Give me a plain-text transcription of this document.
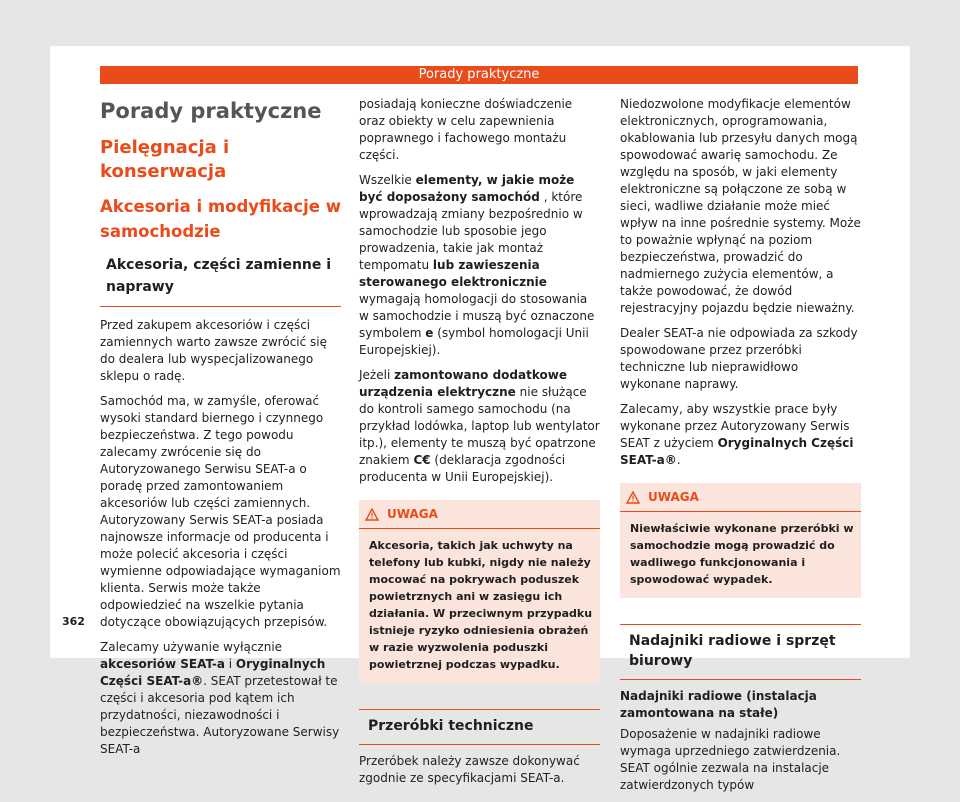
Porady praktyczne
Porady praktyczne
Pielęgnacja i konserwacja
Akcesoria i modyfikacje w samochodzie
Akcesoria, części zamienne i naprawy

Przed zakupem akcesoriów i części zamiennych warto zawsze zwrócić się do dealera lub wyspecjalizowanego sklepu o radę.

Samochód ma, w zamyśle, oferować wysoki standard biernego i czynnego bezpieczeństwa. Z tego powodu zalecamy zwrócenie się do Autoryzowanego Serwisu SEAT-a o poradę przed zamontowaniem akcesoriów lub części zamiennych. Autoryzowany Serwis SEAT-a posiada najnowsze informacje od producenta i może polecić akcesoria i części wymienne odpowiadające wymaganiom klienta. Serwis może także odpowiedzieć na wszelkie pytania dotyczące obowiązujących przepisów.

Zalecamy używanie wyłącznie akcesoriów SEAT-a i Oryginalnych Części SEAT-a®. SEAT przetestował te części i akcesoria pod kątem ich przydatności, niezawodności i bezpieczeństwa. Autoryzowane Serwisy SEAT-a

posiadają konieczne doświadczenie oraz obiekty w celu zapewnienia poprawnego i fachowego montażu części.

Wszelkie elementy, w jakie może być doposażony samochód , które wprowadzają zmiany bezpośrednio w samochodzie lub sposobie jego prowadzenia, takie jak montaż tempomatu lub zawieszenia sterowanego elektronicznie wymagają homologacji do stosowania w samochodzie i muszą być oznaczone symbolem e (symbol homologacji Unii Europejskiej).

Jeżeli zamontowano dodatkowe urządzenia elektryczne nie służące do kontroli samego samochodu (na przykład lodówka, laptop lub wentylator itp.), elementy te muszą być opatrzone znakiem C€ (deklaracja zgodności producenta w Unii Europejskiej).

UWAGA
Akcesoria, takich jak uchwyty na telefony lub kubki, nigdy nie należy mocować na pokrywach poduszek powietrznych ani w zasięgu ich działania. W przeciwnym przypadku istnieje ryzyko odniesienia obrażeń w razie wyzwolenia poduszki powietrznej podczas wypadku.
Przeróbki techniczne

Przeróbek należy zawsze dokonywać zgodnie ze specyfikacjami SEAT-a.

Niedozwolone modyfikacje elementów elektronicznych, oprogramowania, okablowania lub przesyłu danych mogą spowodować awarię samochodu. Ze względu na sposób, w jaki elementy elektroniczne są połączone ze sobą w sieci, wadliwe działanie może mieć wpływ na inne pośrednie systemy. Może to poważnie wpłynąć na poziom bezpieczeństwa, prowadzić do nadmiernego zużycia elementów, a także powodować, że dowód rejestracyjny pojazdu będzie nieważny.

Dealer SEAT-a nie odpowiada za szkody spowodowane przez przeróbki techniczne lub nieprawidłowo wykonane naprawy.

Zalecamy, aby wszystkie prace były wykonane przez Autoryzowany Serwis SEAT z użyciem Oryginalnych Części SEAT-a®.

UWAGA
Niewłaściwie wykonane przeróbki w samochodzie mogą prowadzić do wadliwego funkcjonowania i spowodować wypadek.
Nadajniki radiowe i sprzęt biurowy
Nadajniki radiowe (instalacja zamontowana na stałe)

Doposażenie w nadajniki radiowe wymaga uprzedniego zatwierdzenia. SEAT ogólnie zezwala na instalacje zatwierdzonych typów

362
